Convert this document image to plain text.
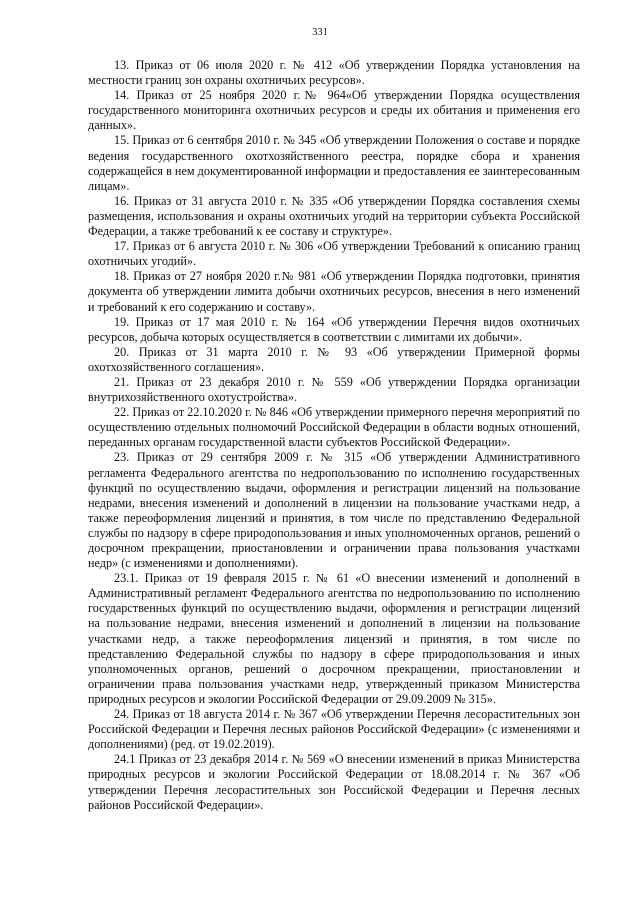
331

13. Приказ от 06 июля 2020 г. № 412 «Об утверждении Порядка установления на местности границ зон охраны охотничьих ресурсов».

14. Приказ от 25 ноября 2020 г.№ 964«Об утверждении Порядка осуществления государственного мониторинга охотничьих ресурсов и среды их обитания и применения его данных».

15. Приказ от 6 сентября 2010 г. № 345 «Об утверждении Положения о составе и порядке ведения государственного охотхозяйственного реестра, порядке сбора и хранения содержащейся в нем документированной информации и предоставления ее заинтересованным лицам».

16. Приказ от 31 августа 2010 г. № 335 «Об утверждении Порядка составления схемы размещения, использования и охраны охотничьих угодий на территории субъекта Российской Федерации, а также требований к ее составу и структуре».

17. Приказ от 6 августа 2010 г. № 306 «Об утверждении Требований к описанию границ охотничьих угодий».

18. Приказ от 27 ноября 2020 г.№ 981 «Об утверждении Порядка подготовки, принятия документа об утверждении лимита добычи охотничьих ресурсов, внесения в него изменений и требований к его содержанию и составу».

19. Приказ от 17 мая 2010 г. № 164 «Об утверждении Перечня видов охотничьих ресурсов, добыча которых осуществляется в соответствии с лимитами их добычи».

20. Приказ от 31 марта 2010 г. № 93 «Об утверждении Примерной формы охотхозяйственного соглашения».

21. Приказ от 23 декабря 2010 г. № 559 «Об утверждении Порядка организации внутрихозяйственного охотустройства».

22. Приказ от 22.10.2020 г. № 846 «Об утверждении примерного перечня мероприятий по осуществлению отдельных полномочий Российской Федерации в области водных отношений, переданных органам государственной власти субъектов Российской Федерации».

23. Приказ от 29 сентября 2009 г. № 315 «Об утверждении Административного регламента Федерального агентства по недропользованию по исполнению государственных функций по осуществлению выдачи, оформления и регистрации лицензий на пользование недрами, внесения изменений и дополнений в лицензии на пользование участками недр, а также переоформления лицензий и принятия, в том числе по представлению Федеральной службы по надзору в сфере природопользования и иных уполномоченных органов, решений о досрочном прекращении, приостановлении и ограничении права пользования участками недр» (с изменениями и дополнениями).

23.1. Приказ от 19 февраля 2015 г. № 61 «О внесении изменений и дополнений в Административный регламент Федерального агентства по недропользованию по исполнению государственных функций по осуществлению выдачи, оформления и регистрации лицензий на пользование недрами, внесения изменений и дополнений в лицензии на пользование участками недр, а также переоформления лицензий и принятия, в том числе по представлению Федеральной службы по надзору в сфере природопользования и иных уполномоченных органов, решений о досрочном прекращении, приостановлении и ограничении права пользования участками недр, утвержденный приказом Министерства природных ресурсов и экологии Российской Федерации от 29.09.2009 № 315».

24. Приказ от 18 августа 2014 г. № 367 «Об утверждении Перечня лесорастительных зон Российской Федерации и Перечня лесных районов Российской Федерации» (с изменениями и дополнениями) (ред. от 19.02.2019).

24.1 Приказ от 23 декабря 2014 г. № 569 «О внесении изменений в приказ Министерства природных ресурсов и экологии Российской Федерации от 18.08.2014 г. № 367 «Об утверждении Перечня лесорастительных зон Российской Федерации и Перечня лесных районов Российской Федерации».
